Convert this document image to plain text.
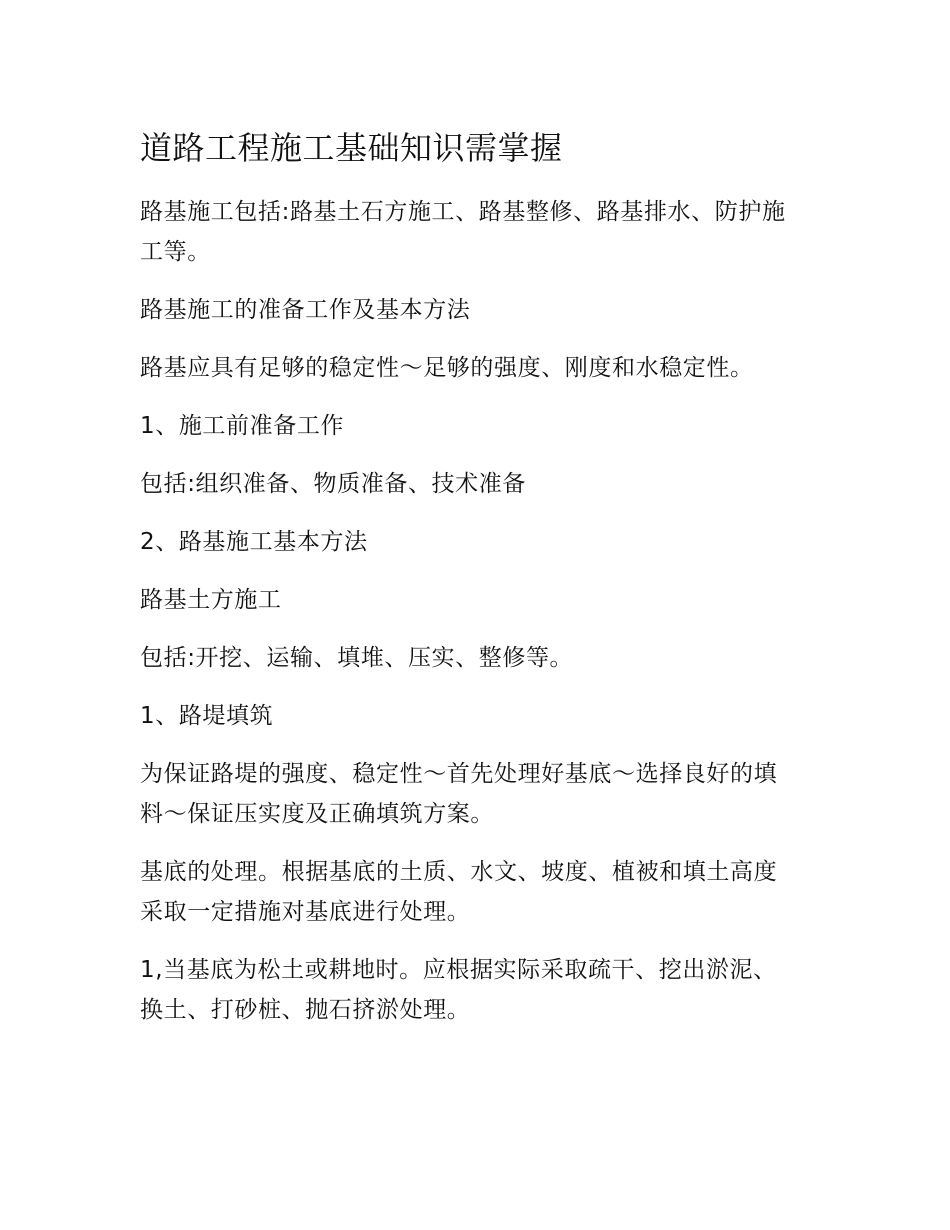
道路工程施工基础知识需掌握

路基施工包括:路基土石方施工、路基整修、路基排水、防护施工等。

路基施工的准备工作及基本方法

路基应具有足够的稳定性～足够的强度、刚度和水稳定性。

1、施工前准备工作

包括:组织准备、物质准备、技术准备

2、路基施工基本方法

路基土方施工

包括:开挖、运输、填堆、压实、整修等。

1、路堤填筑

为保证路堤的强度、稳定性～首先处理好基底～选择良好的填料～保证压实度及正确填筑方案。

基底的处理。根据基底的土质、水文、坡度、植被和填土高度采取一定措施对基底进行处理。

1,当基底为松土或耕地时。应根据实际采取疏干、挖出淤泥、换土、打砂桩、抛石挤淤处理。
